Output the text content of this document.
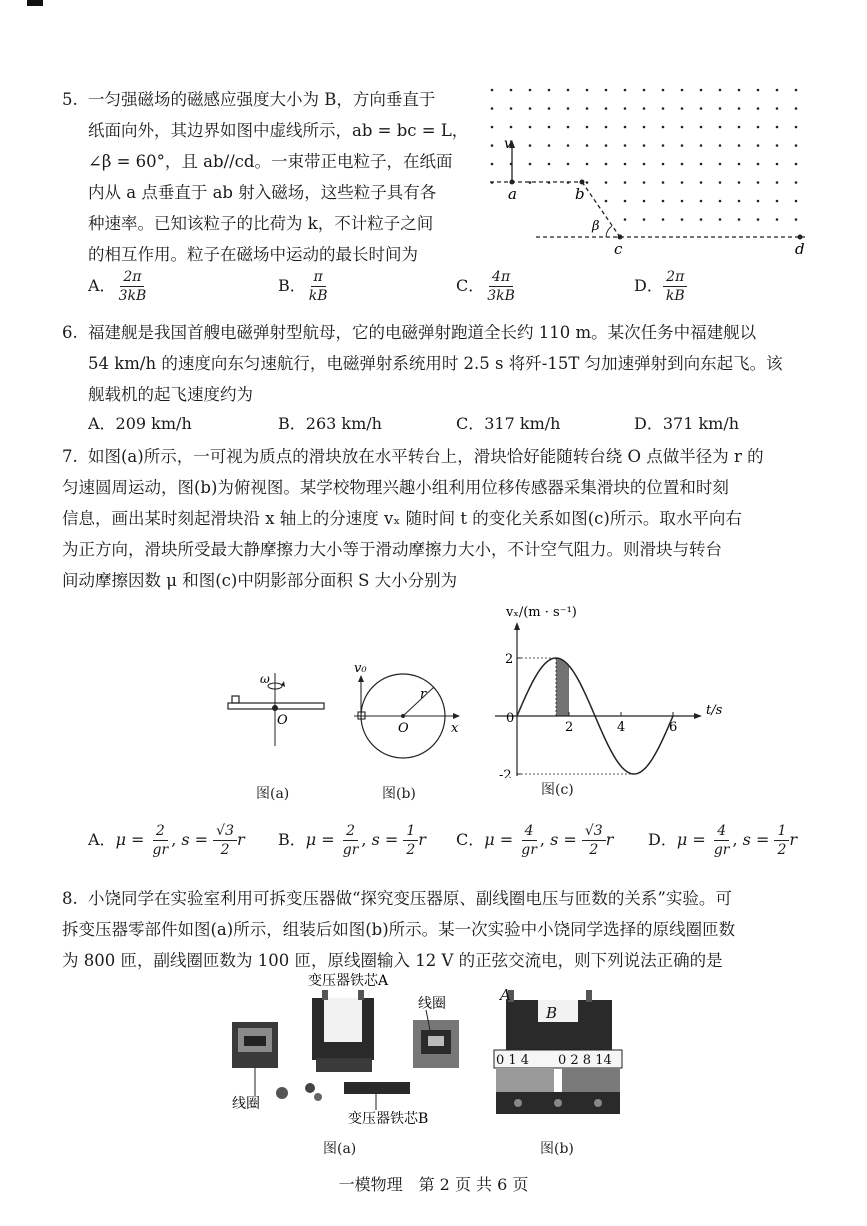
5. 一匀强磁场的磁感应强度大小为 B，方向垂直于
纸面向外，其边界如图中虚线所示，ab = bc = L，
∠β = 60°，且 ab//cd。一束带正电粒子，在纸面
内从 a 点垂直于 ab 射入磁场，这些粒子具有各
种速率。已知该粒子的比荷为 k，不计粒子之间
的相互作用。粒子在磁场中运动的最长时间为
v
a	b
β
c	d
A． $\frac{2\pi}{3kB}$	B． $\frac{\pi}{kB}$	C． $\frac{4\pi}{3kB}$	D． $\frac{2\pi}{kB}$
6. 福建舰是我国首艘电磁弹射型航母，它的电磁弹射跑道全长约 110 m。某次任务中福建舰以
54 km/h 的速度向东匀速航行，电磁弹射系统用时 2.5 s 将歼-15T 匀加速弹射到向东起飞。该
舰载机的起飞速度约为
A．209 km/h	B．263 km/h	C．317 km/h	D．371 km/h
7. 如图(a)所示，一可视为质点的滑块放在水平转台上，滑块恰好能随转台绕 O 点做半径为 r 的
匀速圆周运动，图(b)为俯视图。某学校物理兴趣小组利用位移传感器采集滑块的位置和时刻
信息，画出某时刻起滑块沿 x 轴上的分速度 vₓ 随时间 t 的变化关系如图(c)所示。取水平向右
为正方向，滑块所受最大静摩擦力大小等于滑动摩擦力大小，不计空气阻力。则滑块与转台
间动摩擦因数 μ 和图(c)中阴影部分面积 S 大小分别为
ω
O
图(a)
v₀
r
O	x
图(b)
2	4	6
2
-2
vₓ/(m · s⁻¹)
t/s
0
图(c)
A．$\mu = \frac{2}{gr}$ , $s = \frac{√3}{2}$ r B．$\mu = \frac{2}{gr}$ , $s = \frac{1}{2}$ r C．$\mu = \frac{4}{gr}$ , $s = \frac{√3}{2}$ r D．$\mu = \frac{4}{gr}$ , $s = \frac{1}{2}$ r
8. 小饶同学在实验室利用可拆变压器做“探究变压器原、副线圈电压与匝数的关系”实验。可
拆变压器零部件如图(a)所示，组装后如图(b)所示。某一次实验中小饶同学选择的原线圈匝数
为 800 匝，副线圈匝数为 100 匝，原线圈输入 12 V 的正弦交流电，则下列说法正确的是
变压器铁芯A
线圈
线圈
变压器铁芯B
图(a)
A
B
0 1 4 0 2 8 14
图(b)
一模物理　第 2 页 共 6 页
